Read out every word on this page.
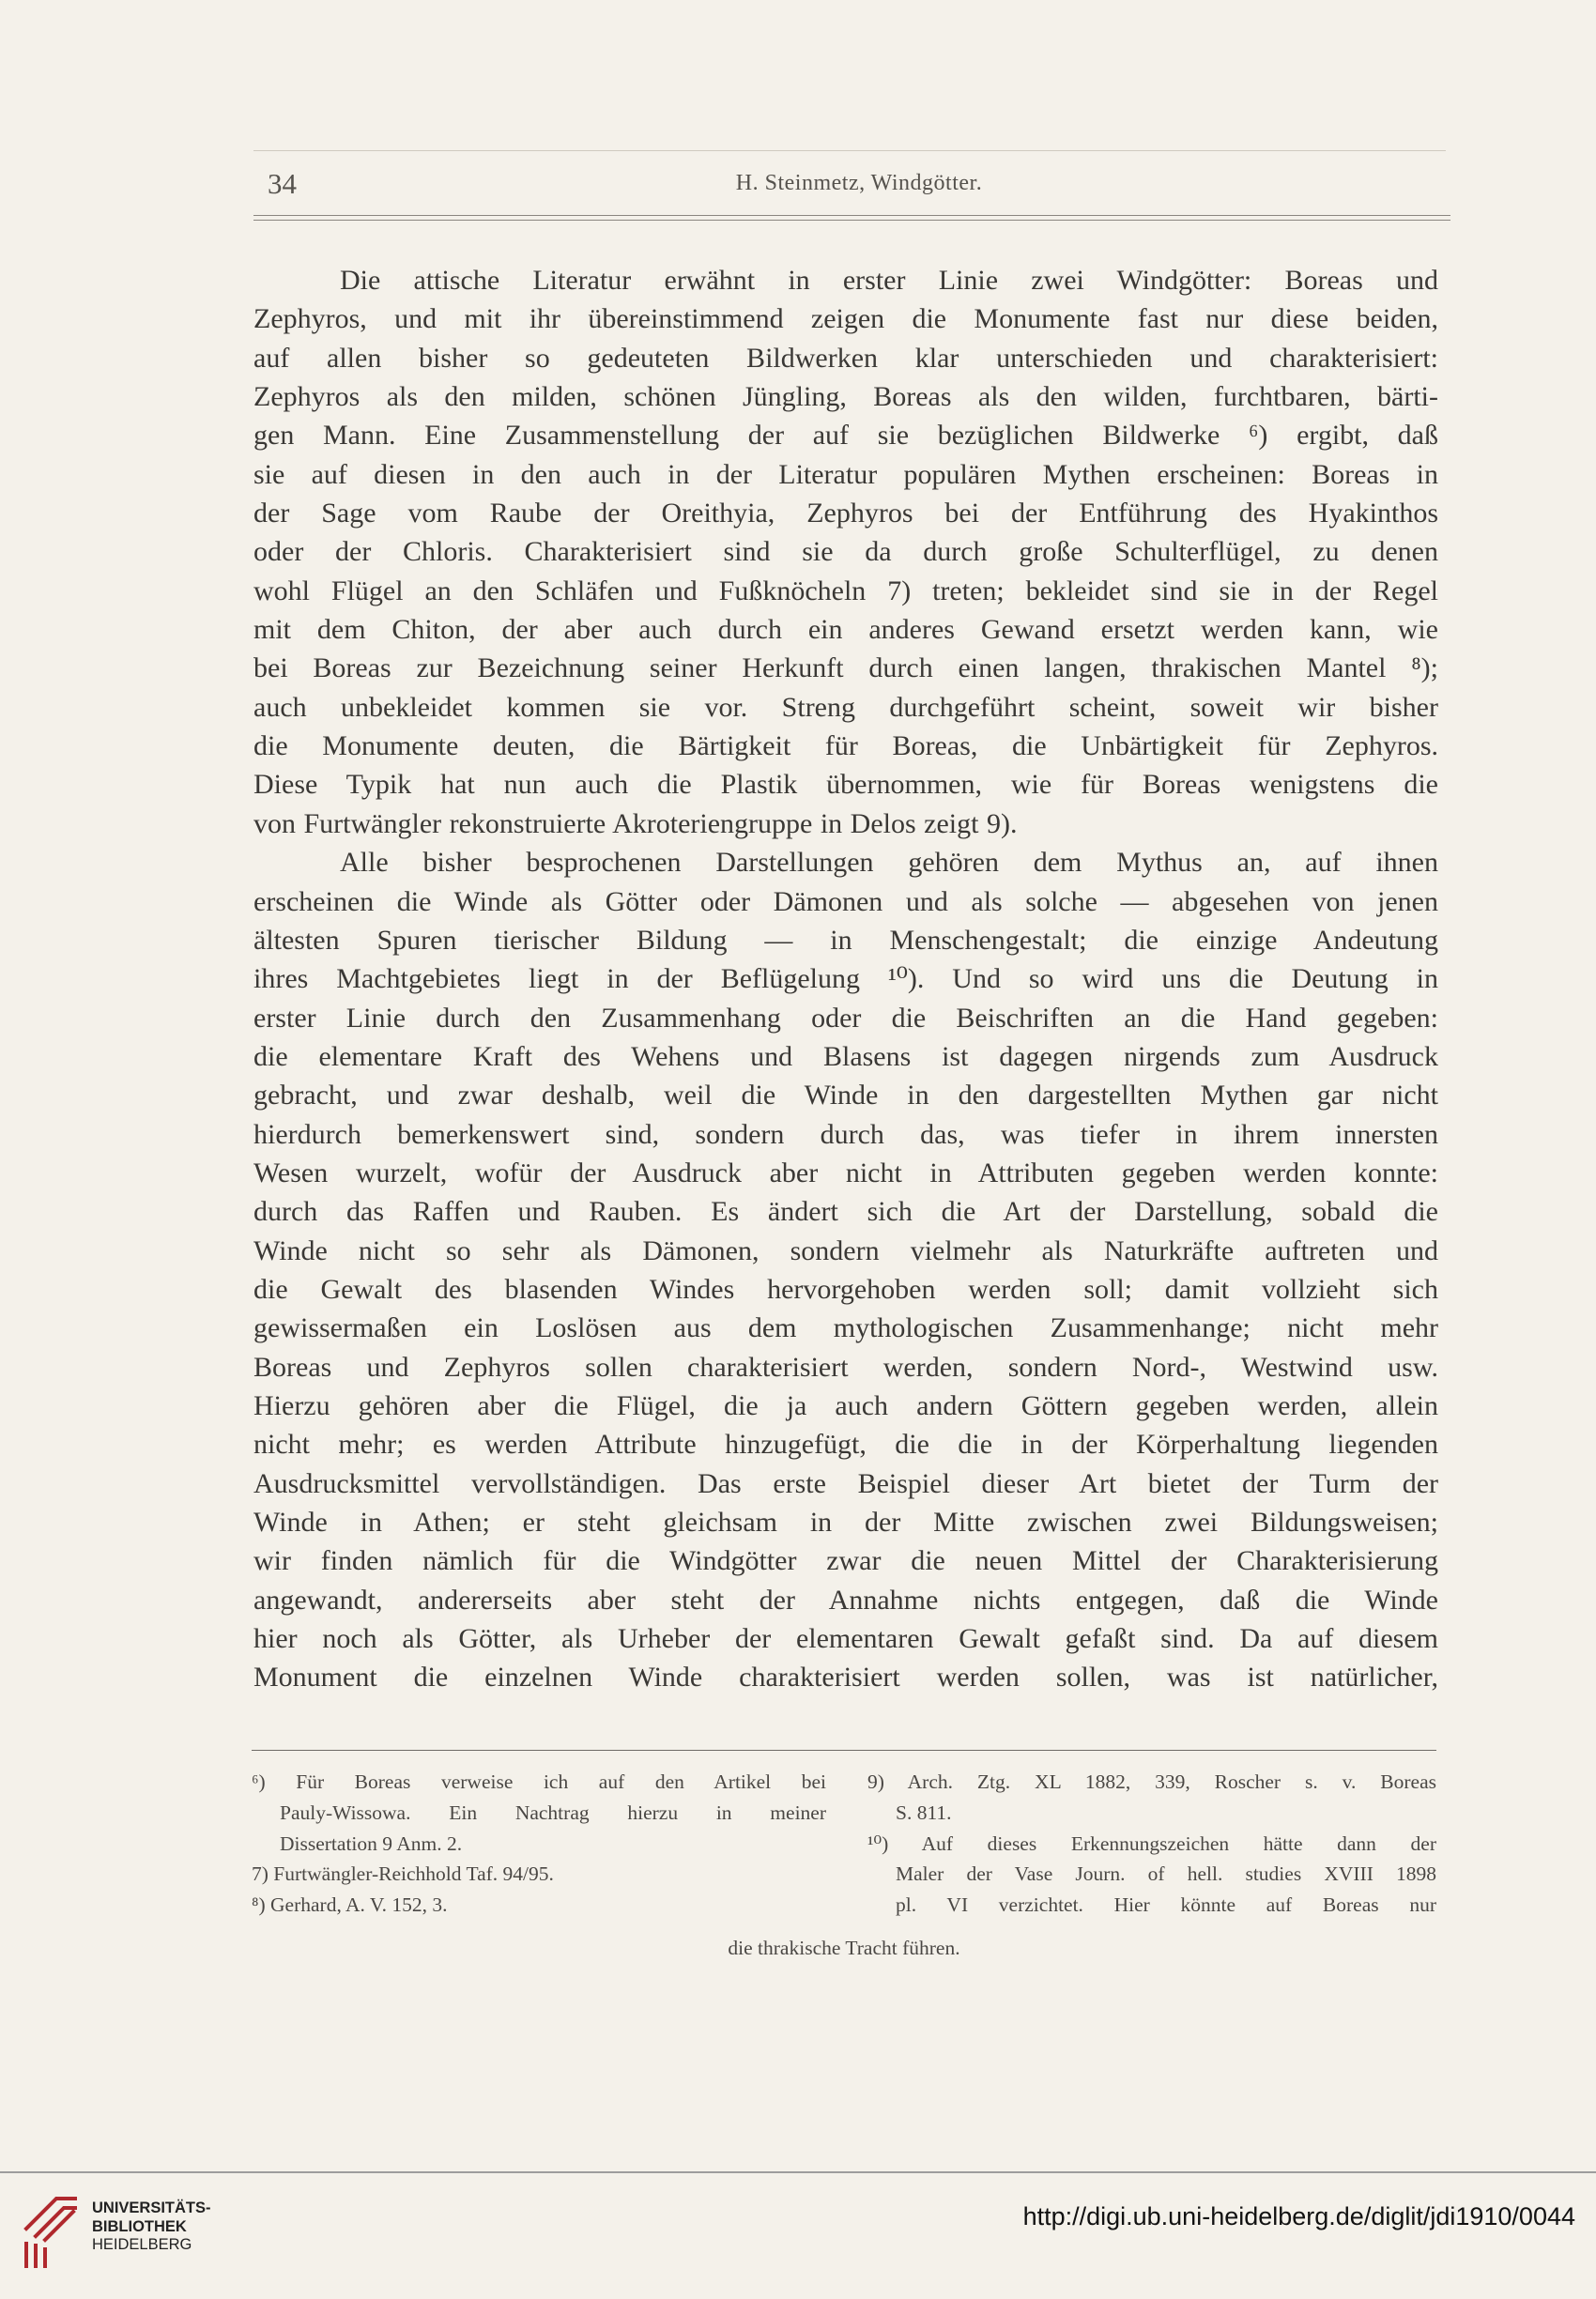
34	H. Steinmetz, Windgötter.
Die attische Literatur erwähnt in erster Linie zwei Windgötter: Boreas und
Zephyros, und mit ihr übereinstimmend zeigen die Monumente fast nur diese beiden,
auf allen bisher so gedeuteten Bildwerken klar unterschieden und charakterisiert:
Zephyros als den milden, schönen Jüngling, Boreas als den wilden, furchtbaren, bärti-
gen Mann. Eine Zusammenstellung der auf sie bezüglichen Bildwerke ⁶) ergibt, daß
sie auf diesen in den auch in der Literatur populären Mythen erscheinen: Boreas in
der Sage vom Raube der Oreithyia, Zephyros bei der Entführung des Hyakinthos
oder der Chloris. Charakterisiert sind sie da durch große Schulterflügel, zu denen
wohl Flügel an den Schläfen und Fußknöcheln 7) treten; bekleidet sind sie in der Regel
mit dem Chiton, der aber auch durch ein anderes Gewand ersetzt werden kann, wie
bei Boreas zur Bezeichnung seiner Herkunft durch einen langen, thrakischen Mantel ⁸);
auch unbekleidet kommen sie vor. Streng durchgeführt scheint, soweit wir bisher
die Monumente deuten, die Bärtigkeit für Boreas, die Unbärtigkeit für Zephyros.
Diese Typik hat nun auch die Plastik übernommen, wie für Boreas wenigstens die
von Furtwängler rekonstruierte Akroteriengruppe in Delos zeigt 9).
Alle bisher besprochenen Darstellungen gehören dem Mythus an, auf ihnen
erscheinen die Winde als Götter oder Dämonen und als solche — abgesehen von jenen
ältesten Spuren tierischer Bildung — in Menschengestalt; die einzige Andeutung
ihres Machtgebietes liegt in der Beflügelung ¹⁰). Und so wird uns die Deutung in
erster Linie durch den Zusammenhang oder die Beischriften an die Hand gegeben:
die elementare Kraft des Wehens und Blasens ist dagegen nirgends zum Ausdruck
gebracht, und zwar deshalb, weil die Winde in den dargestellten Mythen gar nicht
hierdurch bemerkenswert sind, sondern durch das, was tiefer in ihrem innersten
Wesen wurzelt, wofür der Ausdruck aber nicht in Attributen gegeben werden konnte:
durch das Raffen und Rauben. Es ändert sich die Art der Darstellung, sobald die
Winde nicht so sehr als Dämonen, sondern vielmehr als Naturkräfte auftreten und
die Gewalt des blasenden Windes hervorgehoben werden soll; damit vollzieht sich
gewissermaßen ein Loslösen aus dem mythologischen Zusammenhange; nicht mehr
Boreas und Zephyros sollen charakterisiert werden, sondern Nord-, Westwind usw.
Hierzu gehören aber die Flügel, die ja auch andern Göttern gegeben werden, allein
nicht mehr; es werden Attribute hinzugefügt, die die in der Körperhaltung liegenden
Ausdrucksmittel vervollständigen. Das erste Beispiel dieser Art bietet der Turm der
Winde in Athen; er steht gleichsam in der Mitte zwischen zwei Bildungsweisen;
wir finden nämlich für die Windgötter zwar die neuen Mittel der Charakterisierung
angewandt, andererseits aber steht der Annahme nichts entgegen, daß die Winde
hier noch als Götter, als Urheber der elementaren Gewalt gefaßt sind. Da auf diesem
Monument die einzelnen Winde charakterisiert werden sollen, was ist natürlicher,
⁶) Für Boreas verweise ich auf den Artikel bei
Pauly-Wissowa. Ein Nachtrag hierzu in meiner
Dissertation 9 Anm. 2.
7) Furtwängler-Reichhold Taf. 94/95.
⁸) Gerhard, A. V. 152, 3.
9) Arch. Ztg. XL 1882, 339, Roscher s. v. Boreas
S. 811.
¹⁰) Auf dieses Erkennungszeichen hätte dann der
Maler der Vase Journ. of hell. studies XVIII 1898
pl. VI verzichtet. Hier könnte auf Boreas nur
die thrakische Tracht führen.
UNIVERSITÄTS-
BIBLIOTHEK
HEIDELBERG
http://digi.ub.uni-heidelberg.de/diglit/jdi1910/0044
